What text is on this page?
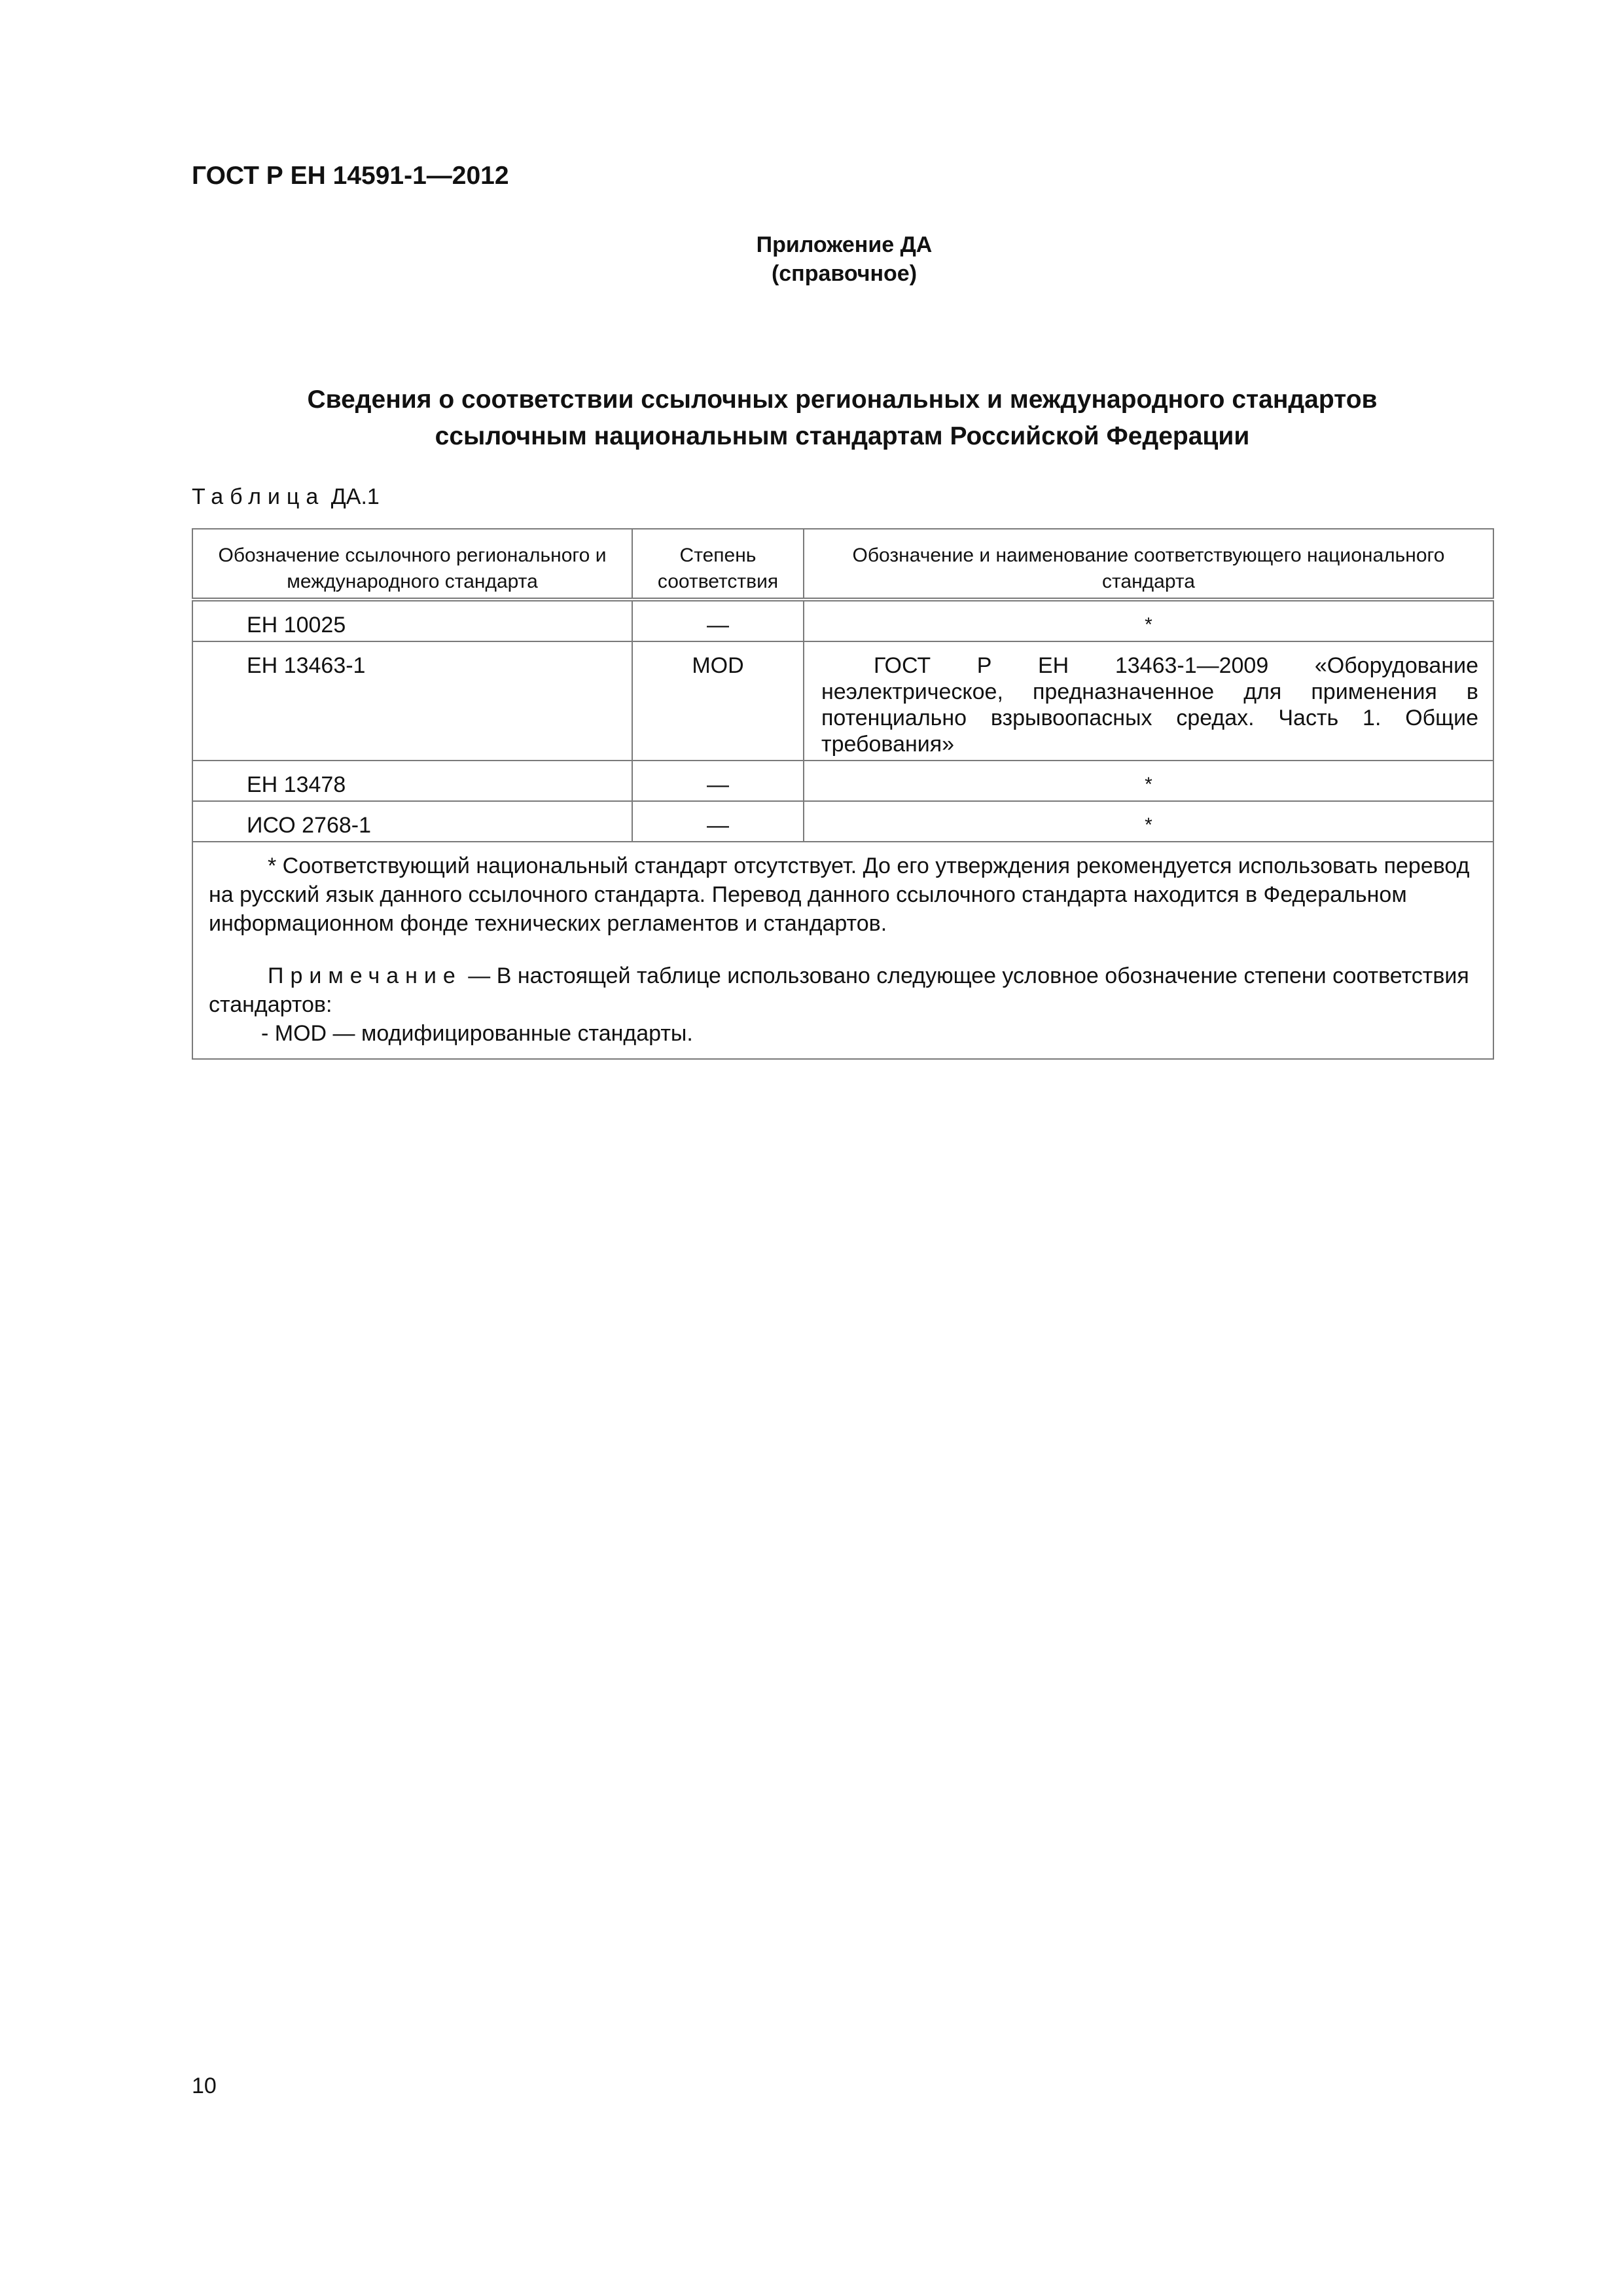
ГОСТ Р ЕН 14591-1—2012
Приложение ДА
(справочное)
Сведения о соответствии ссылочных региональных и международного стандартов
ссылочным национальным стандартам Российской Федерации
Таблица ДА.1
Обозначение ссылочного регионального и международного стандарта	Степень соответствия	Обозначение и наименование соответствующего национального стандарта
ЕН 10025	—	*
ЕН 13463-1	MOD	ГОСТ Р ЕН 13463-1—2009 «Оборудование неэлектрическое, предназначенное для применения в потенциально взрывоопасных средах. Часть 1. Общие требования»
ЕН 13478	—	*
ИСО 2768-1	—	*

* Соответствующий национальный стандарт отсутствует. До его утверждения рекомендуется использовать перевод на русский язык данного ссылочного стандарта. Перевод данного ссылочного стандарта находится в Федеральном информационном фонде технических регламентов и стандартов.

Примечание — В настоящей таблице использовано следующее условное обозначение степени соответствия стандартов:

- MOD — модифицированные стандарты.		

10
